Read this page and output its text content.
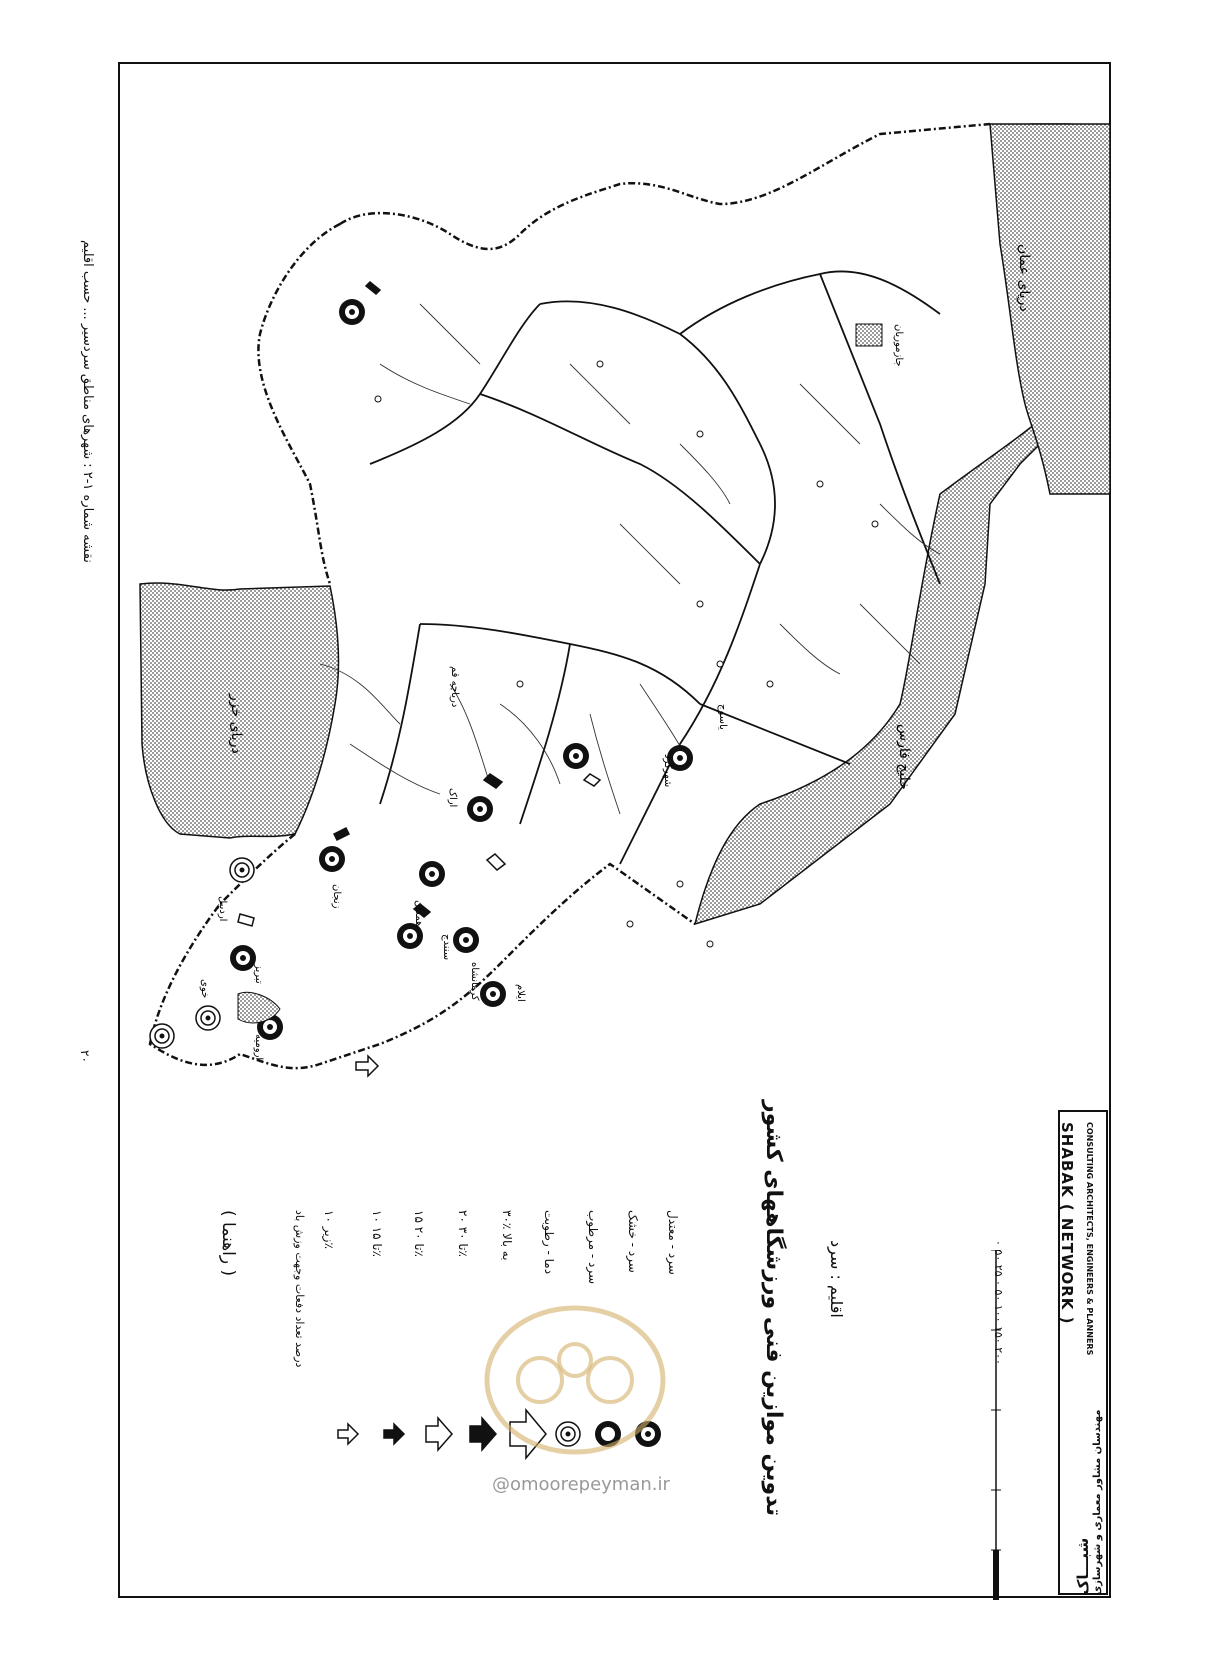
دریای خزر
خلیج فارس
دریای عمان
اردبیل	زنجان
تبریز
خوی
ارومیه
همدان
اراک
سنندج
کرمانشاه	ایلام
شهرکرد
یاسوج
دریاچه قم
جازموریان
نقشه شماره ۱-۲ : شهرهای مناطق سردسیر ... حسب اقلیم
۲۰
تدوین موازین فنی ورزشگاههای کشور
( راهنما )	درصد تعداد دفعات وجهت وزش باد زیر ۱۰٪
۱۰ تا ۱۵٪
۱۵ تا ۲۰٪
۲۰ تا ۳۰٪
۳۰٪ به بالا دما - رطوبت	سرد - مرطوب سرد - خشک سرد - معتدل	اقلیم : سرد	۰ ۵۰ ۲۵ ۰ ۵۰ ۱۰۰ ۱۵۰ ۲۰۰
@omoorepeyman.ir
SHABAK ( NETWORK ) CONSULTING ARCHITECTS, ENGINEERS & PLANNERS
شبـــاک مهندسان مشاور معماری و شهرسازی
